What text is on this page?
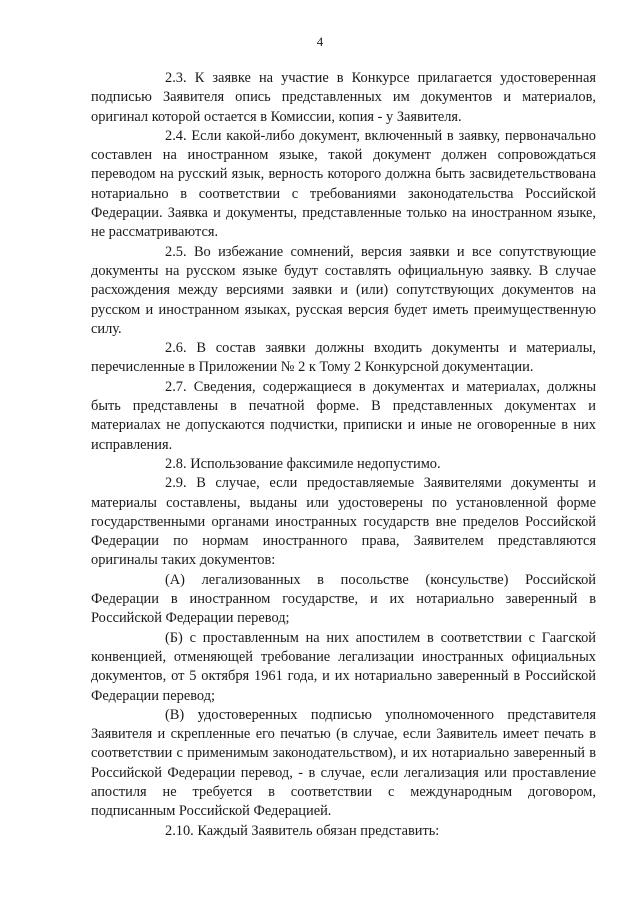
4

2.3. К заявке на участие в Конкурсе прилагается удостоверенная подписью Заявителя опись представленных им документов и материалов, оригинал которой остается в Комиссии, копия - у Заявителя.

2.4. Если какой-либо документ, включенный в заявку, первоначально составлен на иностранном языке, такой документ должен сопровождаться переводом на русский язык, верность которого должна быть засвидетельствована нотариально в соответствии с требованиями законодательства Российской Федерации. Заявка и документы, представленные только на иностранном языке, не рассматриваются.

2.5. Во избежание сомнений, версия заявки и все сопутствующие документы на русском языке будут составлять официальную заявку. В случае расхождения между версиями заявки и (или) сопутствующих документов на русском и иностранном языках, русская версия будет иметь преимущественную силу.

2.6. В состав заявки должны входить документы и материалы, перечисленные в Приложении № 2 к Тому 2 Конкурсной документации.

2.7. Сведения, содержащиеся в документах и материалах, должны быть представлены в печатной форме. В представленных документах и материалах не допускаются подчистки, приписки и иные не оговоренные в них исправления.

2.8. Использование факсимиле недопустимо.

2.9. В случае, если предоставляемые Заявителями документы и материалы составлены, выданы или удостоверены по установленной форме государственными органами иностранных государств вне пределов Российской Федерации по нормам иностранного права, Заявителем представляются оригиналы таких документов:

(А) легализованных в посольстве (консульстве) Российской Федерации в иностранном государстве, и их нотариально заверенный в Российской Федерации перевод;

(Б) с проставленным на них апостилем в соответствии с Гаагской конвенцией, отменяющей требование легализации иностранных официальных документов, от 5 октября 1961 года, и их нотариально заверенный в Российской Федерации перевод;

(В) удостоверенных подписью уполномоченного представителя Заявителя и скрепленные его печатью (в случае, если Заявитель имеет печать в соответствии с применимым законодательством), и их нотариально заверенный в Российской Федерации перевод, - в случае, если легализация или проставление апостиля не требуется в соответствии с международным договором, подписанным Российской Федерацией.

2.10. Каждый Заявитель обязан представить:
